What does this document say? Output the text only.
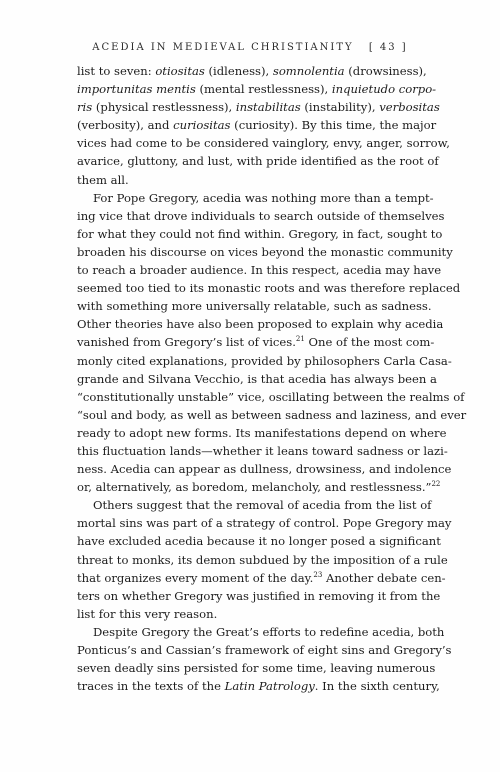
ACEDIA IN MEDIEVAL CHRISTIANITY [ 43 ]
list to seven: otiositas (idleness), somnolentia (drowsiness),
importunitas mentis (mental restlessness), inquietudo corpo-
ris (physical restlessness), instabilitas (instability), verbositas
(verbosity), and curiositas (curiosity). By this time, the major
vices had come to be considered vainglory, envy, anger, sorrow,
avarice, gluttony, and lust, with pride identified as the root of
them all.
For Pope Gregory, acedia was nothing more than a tempt-
ing vice that drove individuals to search outside of themselves
for what they could not find within. Gregory, in fact, sought to
broaden his discourse on vices beyond the monastic community
to reach a broader audience. In this respect, acedia may have
seemed too tied to its monastic roots and was therefore replaced
with something more universally relatable, such as sadness.
Other theories have also been proposed to explain why acedia
vanished from Gregory’s list of vices.$^{21}$ One of the most com-
monly cited explanations, provided by philosophers Carla Casa-
grande and Silvana Vecchio, is that acedia has always been a
“constitutionally unstable” vice, oscillating between the realms of
“soul and body, as well as between sadness and laziness, and ever
ready to adopt new forms. Its manifestations depend on where
this fluctuation lands—whether it leans toward sadness or lazi-
ness. Acedia can appear as dullness, drowsiness, and indolence
or, alternatively, as boredom, melancholy, and restlessness.”$^{22}$
Others suggest that the removal of acedia from the list of
mortal sins was part of a strategy of control. Pope Gregory may
have excluded acedia because it no longer posed a significant
threat to monks, its demon subdued by the imposition of a rule
that organizes every moment of the day.$^{23}$ Another debate cen-
ters on whether Gregory was justified in removing it from the
list for this very reason.
Despite Gregory the Great’s efforts to redefine acedia, both
Ponticus’s and Cassian’s framework of eight sins and Gregory’s
seven deadly sins persisted for some time, leaving numerous
traces in the texts of the Latin Patrology. In the sixth century,
